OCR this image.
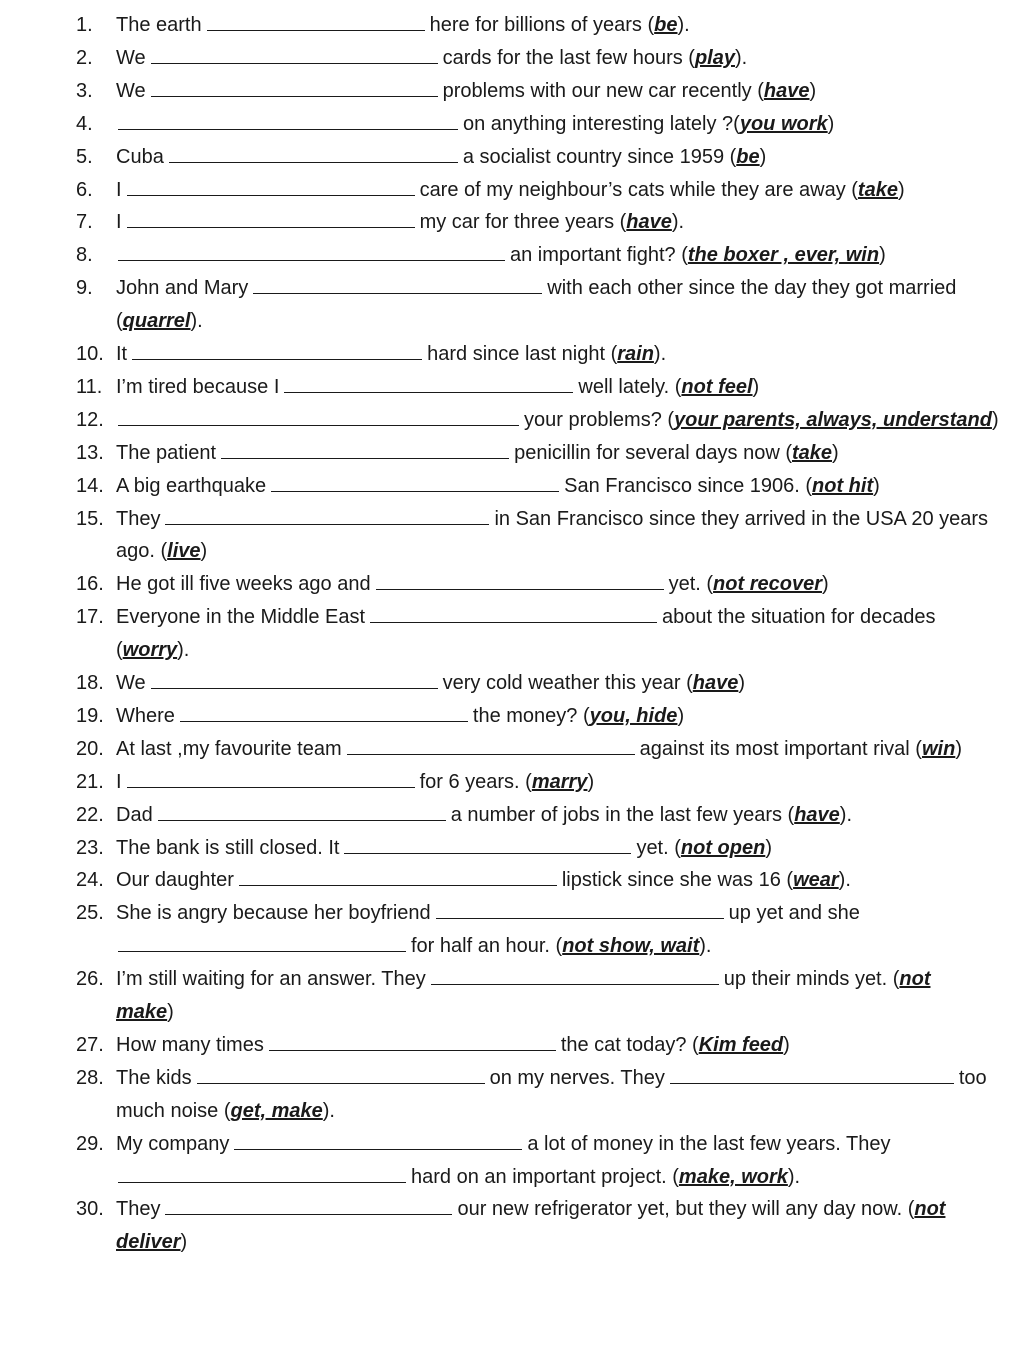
1. The earth	here for billions of years (be).
2. We	cards for the last few hours (play).
3. We	problems with our new car recently (have)
4.	on anything interesting lately ?(you work)
5. Cuba	a socialist country since 1959 (be)
6. I	care of my neighbour’s cats while they are away (take)
7. I	my car for three years (have).
8.	an important fight? (the boxer , ever, win)
9. John and Mary	with each other since the day they got married
(quarrel).
10. It	hard since last night (rain).
11. I’m tired because I	well lately. (not feel)
12.	your problems? (your parents, always, understand)
13. The patient	penicillin for several days now (take)
14. A big earthquake	San Francisco since 1906. (not hit)
15. They	in San Francisco since they arrived in the USA 20 years
ago. (live)
16. He got ill five weeks ago and	yet. (not recover)
17. Everyone in the Middle East	about the situation for decades
(worry).
18. We	very cold weather this year (have)
19. Where	the money? (you, hide)
20. At last ,my favourite team	against its most important rival (win)
21. I	for 6 years. (marry)
22. Dad	a number of jobs in the last few years (have).
23. The bank is still closed. It	yet. (not open)
24. Our daughter	lipstick since she was 16 (wear).
25. She is angry because her boyfriend	up yet and she
for half an hour. (not show, wait).
26. I’m still waiting for an answer. They	up their minds yet. (not
make)
27. How many times	the cat today? (Kim feed)
28. The kids	on my nerves. They	too
much noise (get, make).
29. My company	a lot of money in the last few years. They
hard on an important project. (make, work).
30. They	our new refrigerator yet, but they will any day now. (not
deliver)
